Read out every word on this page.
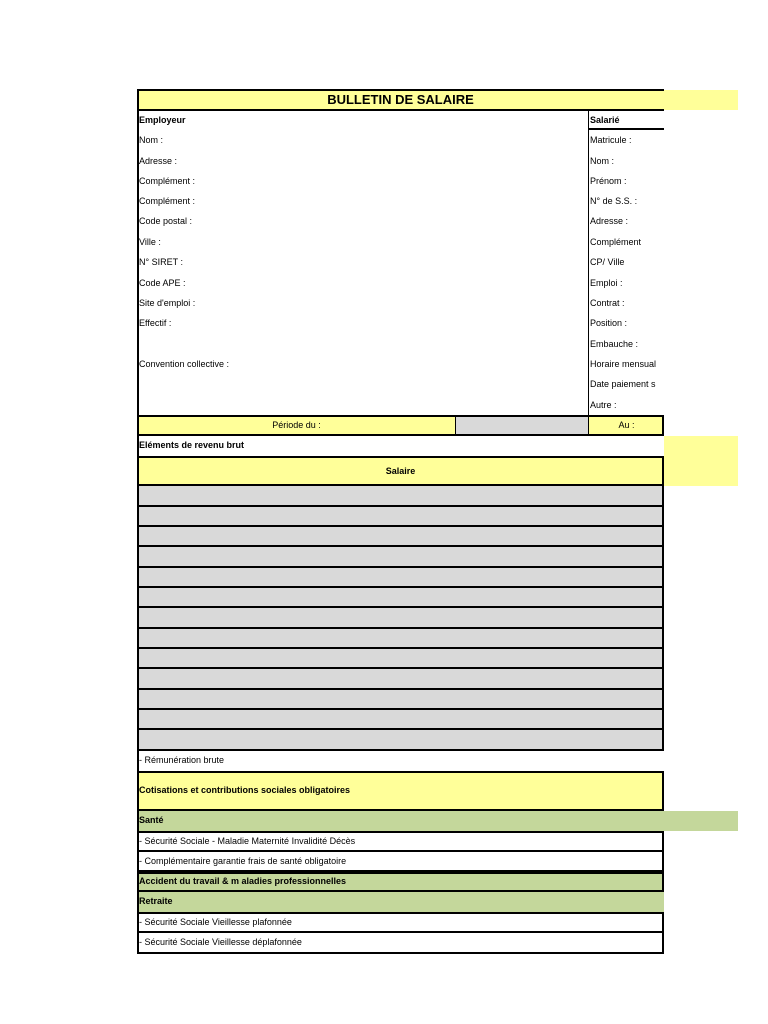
BULLETIN DE SALAIRE
Employeur
Nom :
Adresse :
Complément :
Complément :
Code postal :
Ville :
N° SIRET :
Code APE :
Site d'emploi :
Effectif :
Convention collective :
Salarié
Matricule :
Nom :
Prénom :
N° de S.S. :
Adresse :
Complément
CP/ Ville
Emploi :
Contrat :
Position :
Embauche :
Horaire mensual
Date paiement s
Autre :
Période du :	Au :
Eléments de revenu brut
Salaire
- Rémunération brute
Cotisations et contributions sociales obligatoires
Santé
- Sécurité Sociale - Maladie Maternité Invalidité Décès
- Complémentaire garantie frais de santé obligatoire
Accident du travail & m aladies professionnelles
Retraite
- Sécurité Sociale Vieillesse plafonnée
- Sécurité Sociale Vieillesse déplafonnée
